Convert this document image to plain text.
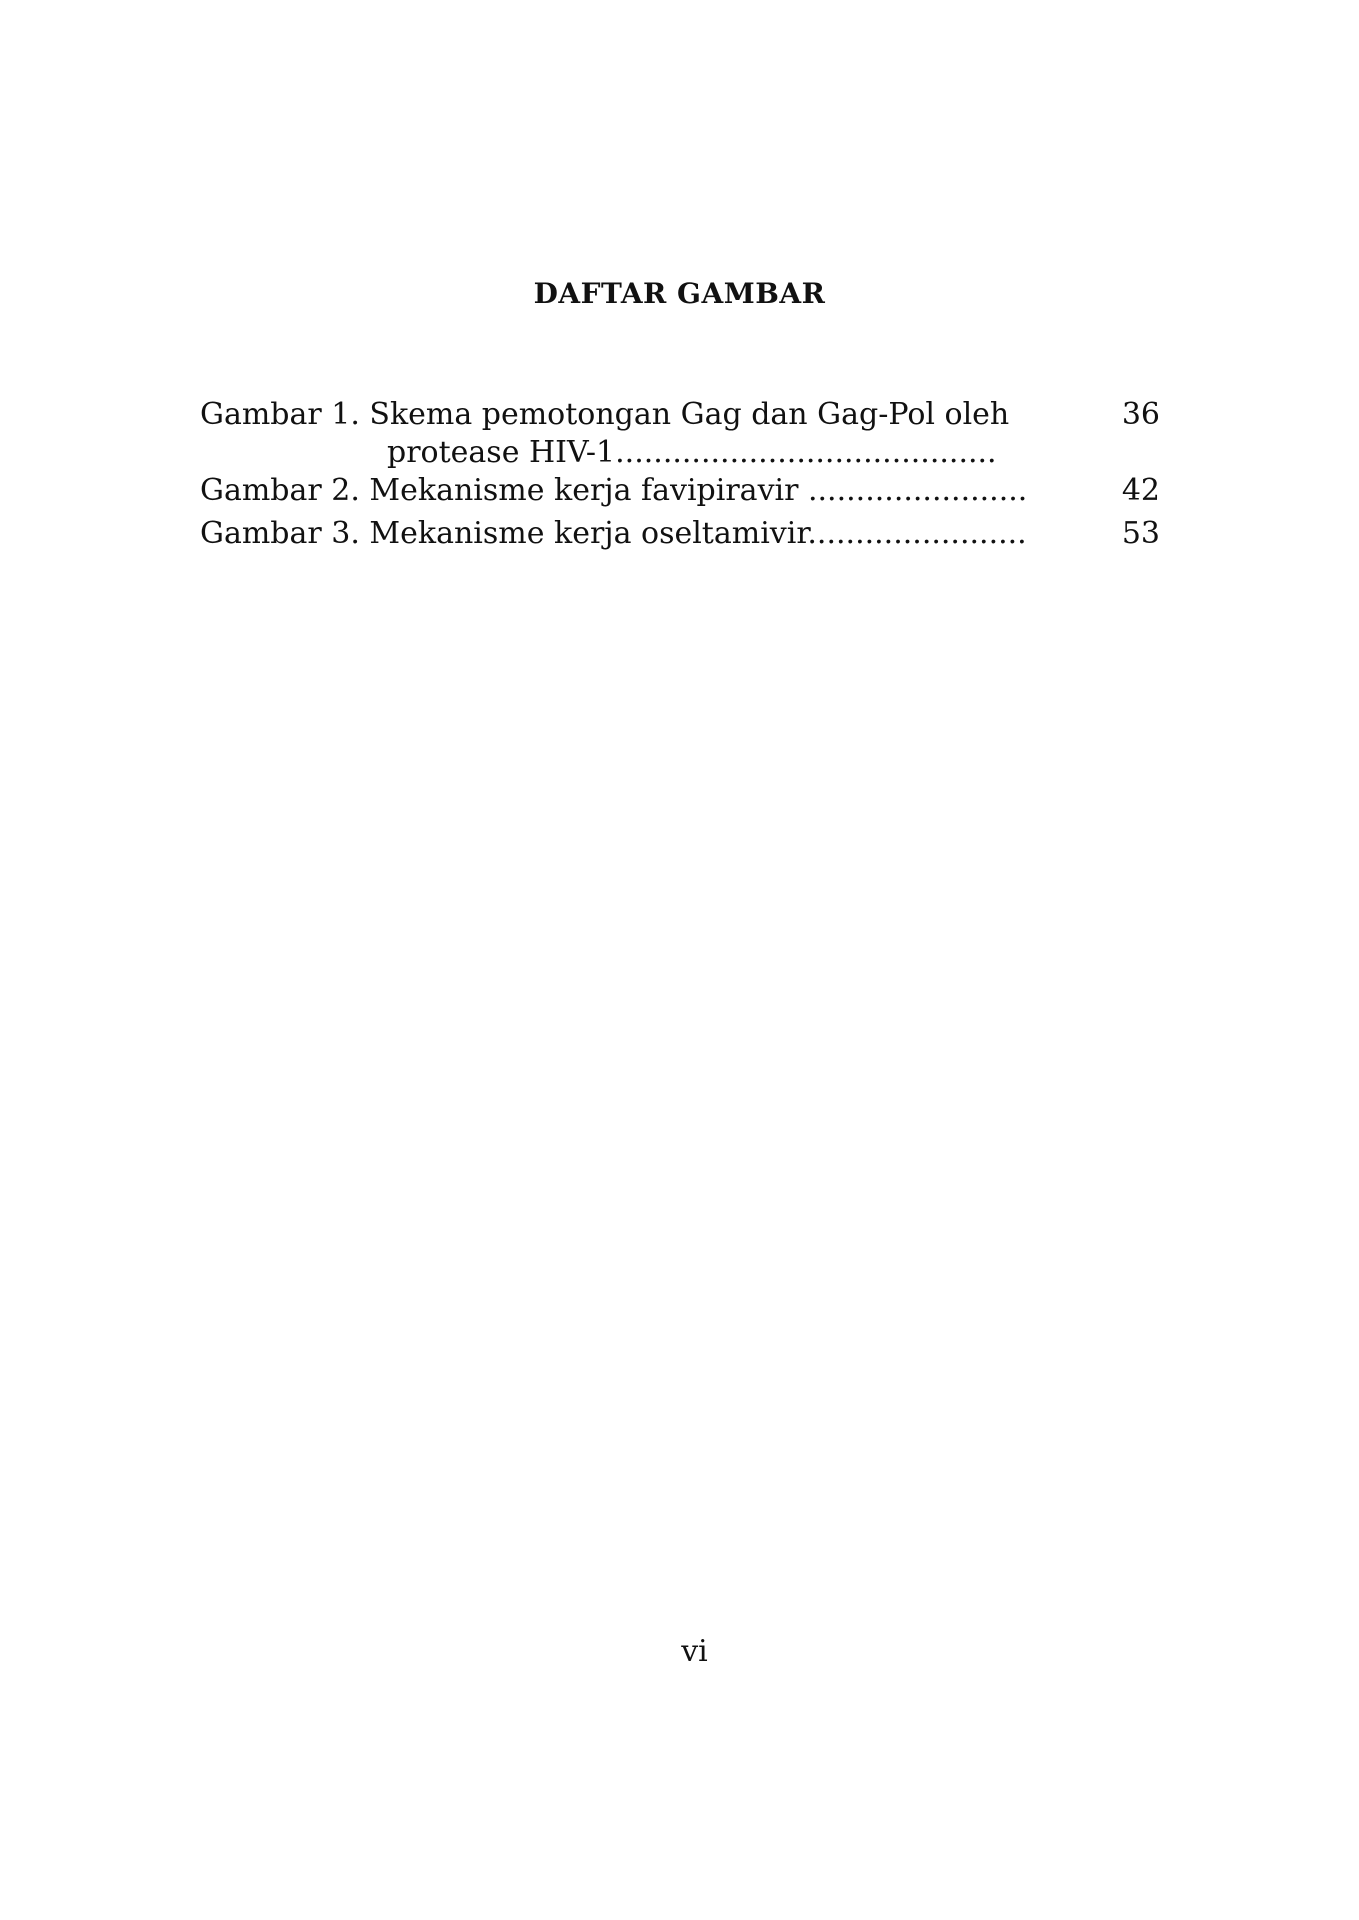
DAFTAR GAMBAR
Gambar 1. Skema pemotongan Gag dan Gag-Pol oleh
protease HIV-1........................................
36
Gambar 2. Mekanisme kerja favipiravir .......................	42
Gambar 3. Mekanisme kerja oseltamivir.......................	53
vi
